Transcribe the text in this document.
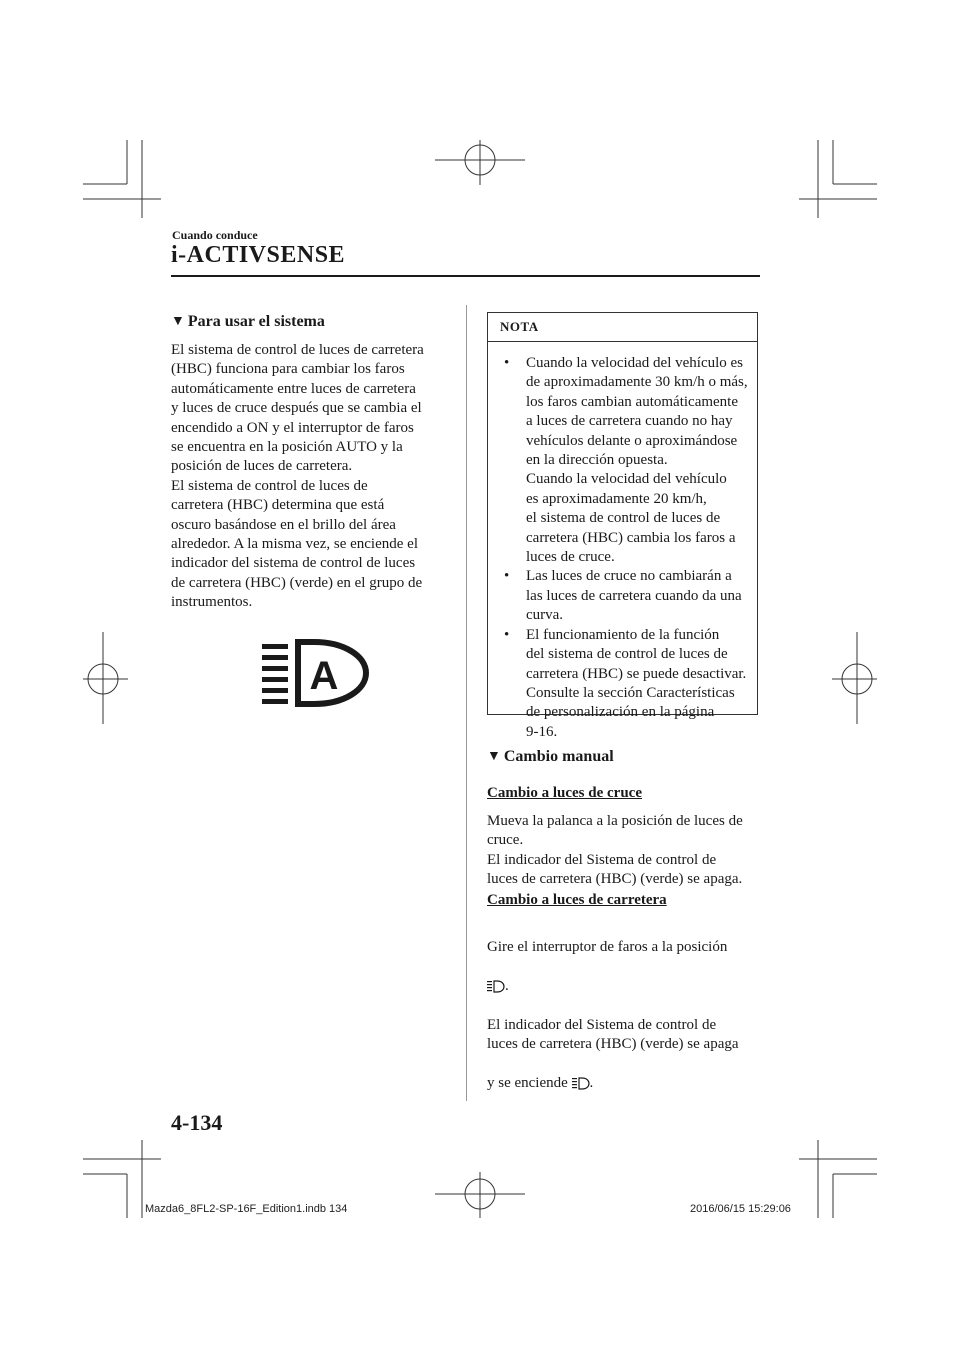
Cuando conduce
i-ACTIVSENSE
▼ Para usar el sistema
El sistema de control de luces de carretera
(HBC) funciona para cambiar los faros
automáticamente entre luces de carretera
y luces de cruce después que se cambia el
encendido a ON y el interruptor de faros
se encuentra en la posición AUTO y la
posición de luces de carretera.
El sistema de control de luces de
carretera (HBC) determina que está
oscuro basándose en el brillo del área
alrededor. A la misma vez, se enciende el
indicador del sistema de control de luces
de carretera (HBC) (verde) en el grupo de
instrumentos.
A
NOTA
•	Cuando la velocidad del vehículo es
de aproximadamente 30 km/h o más,
los faros cambian automáticamente
a luces de carretera cuando no hay
vehículos delante o aproximándose
en la dirección opuesta.
Cuando la velocidad del vehículo
es aproximadamente 20 km/h,
el sistema de control de luces de
carretera (HBC) cambia los faros a
luces de cruce.
•	Las luces de cruce no cambiarán a
las luces de carretera cuando da una
curva.
•	El funcionamiento de la función
del sistema de control de luces de
carretera (HBC) se puede desactivar.
Consulte la sección Características
de personalización en la página
9-16.
▼ Cambio manual
Cambio a luces de cruce
Mueva la palanca a la posición de luces de
cruce.
El indicador del Sistema de control de
luces de carretera (HBC) (verde) se apaga.
Cambio a luces de carretera

Gire el interruptor de faros a la posición

.

El indicador del Sistema de control de
luces de carretera (HBC) (verde) se apaga

y se enciende .

4-134
Mazda6_8FL2-SP-16F_Edition1.indb 134	2016/06/15 15:29:06
